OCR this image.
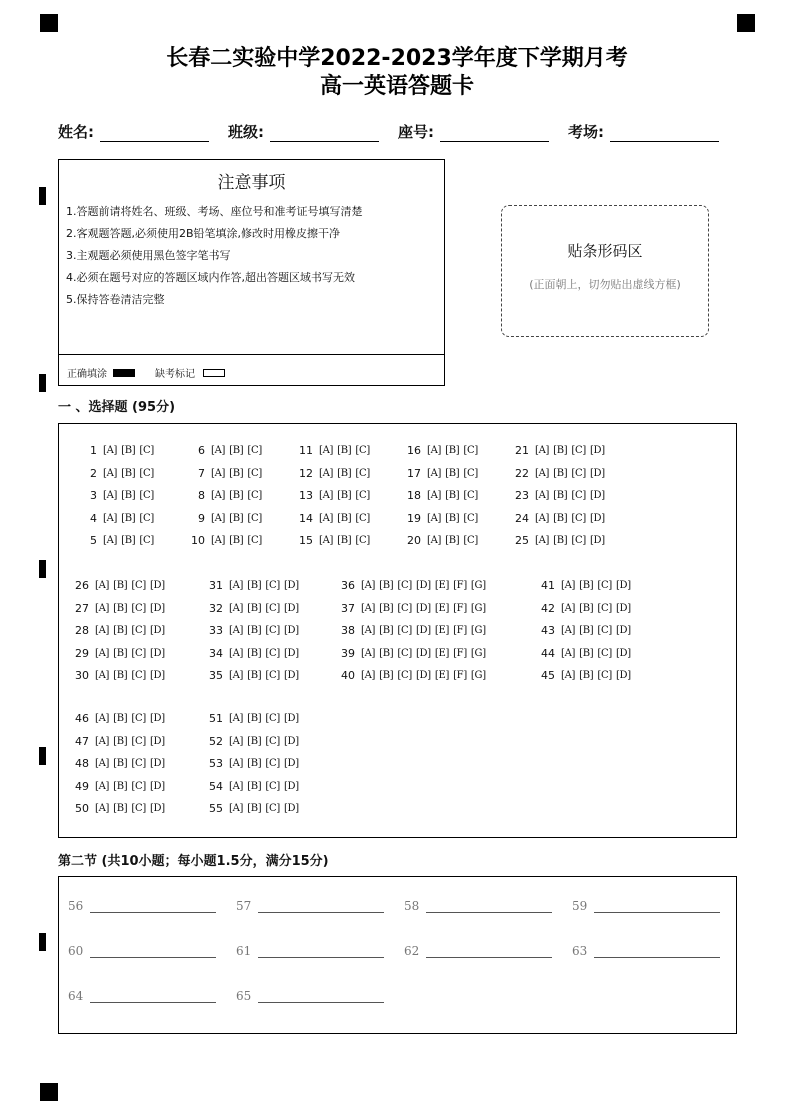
长春二实验中学2022-2023学年度下学期月考
高一英语答题卡
姓名:	班级:	座号:	考场:
注意事项
1.答题前请将姓名、班级、考场、座位号和准考证号填写清楚
2.客观题答题,必须使用2B铅笔填涂,修改时用橡皮擦干净
3.主观题必须使用黑色签字笔书写
4.必须在题号对应的答题区域内作答,超出答题区域书写无效
5.保持答卷清洁完整
正确填涂	缺考标记
贴条形码区
(正面朝上，切勿贴出虚线方框)
一 、选择题 (95分)
1 [A] [B] [C]
2 [A] [B] [C]
3 [A] [B] [C]
4 [A] [B] [C]
5 [A] [B] [C]
6 [A] [B] [C]
7 [A] [B] [C]
8 [A] [B] [C]
9 [A] [B] [C]
10 [A] [B] [C]
11 [A] [B] [C]
12 [A] [B] [C]
13 [A] [B] [C]
14 [A] [B] [C]
15 [A] [B] [C]
16 [A] [B] [C]
17 [A] [B] [C]
18 [A] [B] [C]
19 [A] [B] [C]
20 [A] [B] [C]
21 [A] [B] [C] [D]
22 [A] [B] [C] [D]
23 [A] [B] [C] [D]
24 [A] [B] [C] [D]
25 [A] [B] [C] [D]
26 [A] [B] [C] [D]
27 [A] [B] [C] [D]
28 [A] [B] [C] [D]
29 [A] [B] [C] [D]
30 [A] [B] [C] [D]
31 [A] [B] [C] [D]
32 [A] [B] [C] [D]
33 [A] [B] [C] [D]
34 [A] [B] [C] [D]
35 [A] [B] [C] [D]
36 [A] [B] [C] [D] [E] [F] [G]
37 [A] [B] [C] [D] [E] [F] [G]
38 [A] [B] [C] [D] [E] [F] [G]
39 [A] [B] [C] [D] [E] [F] [G]
40 [A] [B] [C] [D] [E] [F] [G]
41 [A] [B] [C] [D]
42 [A] [B] [C] [D]
43 [A] [B] [C] [D]
44 [A] [B] [C] [D]
45 [A] [B] [C] [D]
46 [A] [B] [C] [D]
47 [A] [B] [C] [D]
48 [A] [B] [C] [D]
49 [A] [B] [C] [D]
50 [A] [B] [C] [D]
51 [A] [B] [C] [D]
52 [A] [B] [C] [D]
53 [A] [B] [C] [D]
54 [A] [B] [C] [D]
55 [A] [B] [C] [D]
第二节 (共10小题；每小题1.5分，满分15分)
56	57	58	59
60	61	62	63
64	65
